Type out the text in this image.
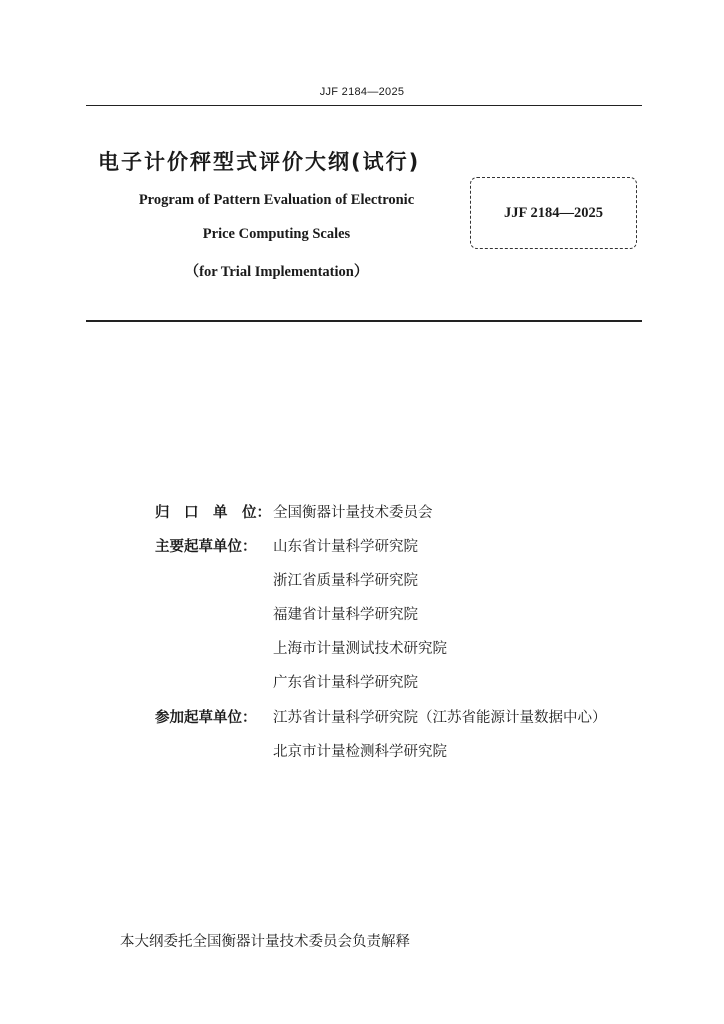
JJF 2184—2025
电子计价秤型式评价大纲(试行)
Program of Pattern Evaluation of Electronic
Price Computing Scales
（for Trial Implementation）
JJF 2184—2025
归　口　单　位： 全国衡器计量技术委员会
主要起草单位： 山东省计量科学研究院
浙江省质量科学研究院
福建省计量科学研究院
上海市计量测试技术研究院
广东省计量科学研究院
参加起草单位： 江苏省计量科学研究院（江苏省能源计量数据中心）
北京市计量检测科学研究院
本大纲委托全国衡器计量技术委员会负责解释
